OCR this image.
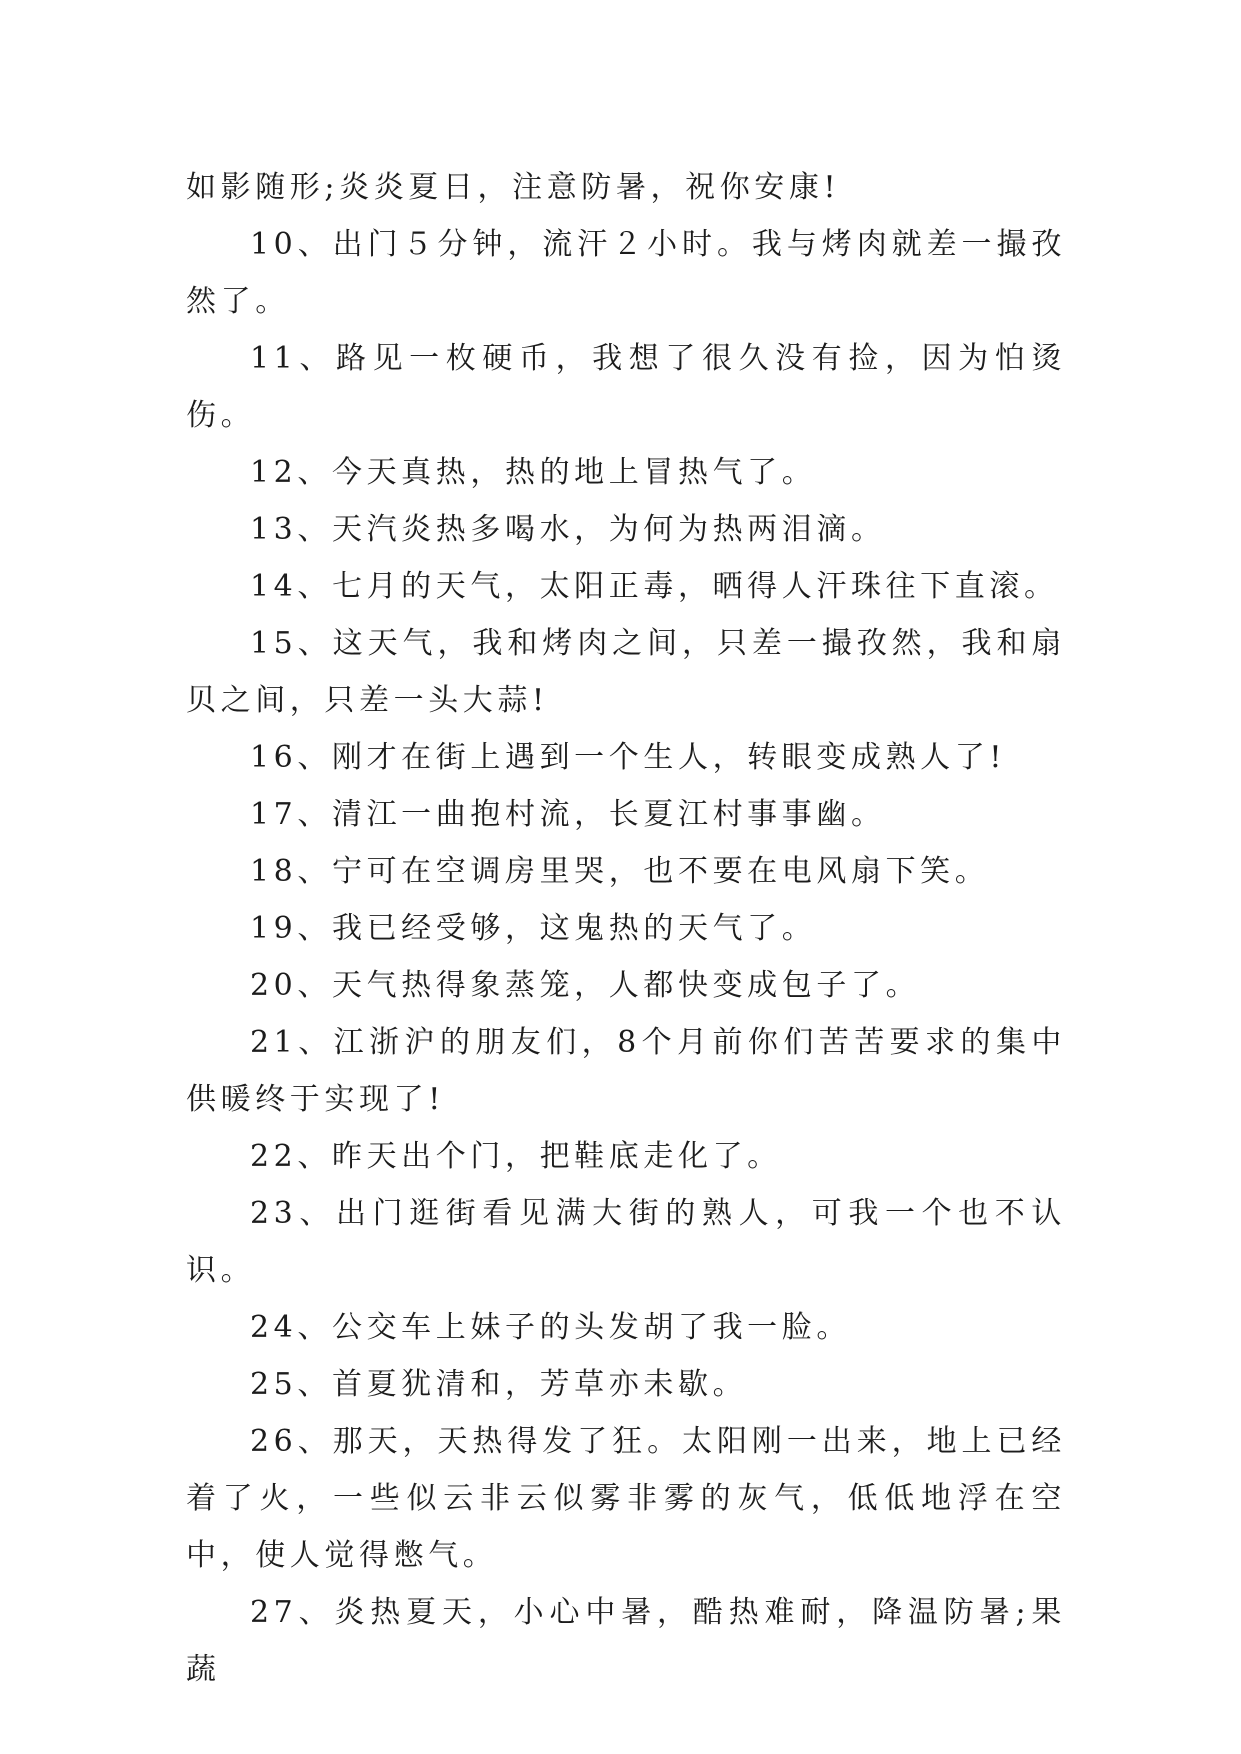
如影随形;炎炎夏日，注意防暑，祝你安康!

10、出门５分钟，流汗２小时。我与烤肉就差一撮孜然了。

11、路见一枚硬币，我想了很久没有捡，因为怕烫伤。

12、今天真热，热的地上冒热气了。

13、天汽炎热多喝水，为何为热两泪滴。

14、七月的天气，太阳正毒，晒得人汗珠往下直滚。

15、这天气，我和烤肉之间，只差一撮孜然，我和扇贝之间，只差一头大蒜!

16、刚才在街上遇到一个生人，转眼变成熟人了!

17、清江一曲抱村流，长夏江村事事幽。

18、宁可在空调房里哭，也不要在电风扇下笑。

19、我已经受够，这鬼热的天气了。

20、天气热得象蒸笼，人都快变成包子了。

21、江浙沪的朋友们，8个月前你们苦苦要求的集中供暖终于实现了!

22、昨天出个门，把鞋底走化了。

23、出门逛街看见满大街的熟人，可我一个也不认识。

24、公交车上妹子的头发胡了我一脸。

25、首夏犹清和，芳草亦未歇。

26、那天，天热得发了狂。太阳刚一出来，地上已经着了火，一些似云非云似雾非雾的灰气，低低地浮在空中，使人觉得憋气。

27、炎热夏天，小心中暑，酷热难耐，降温防暑;果蔬
